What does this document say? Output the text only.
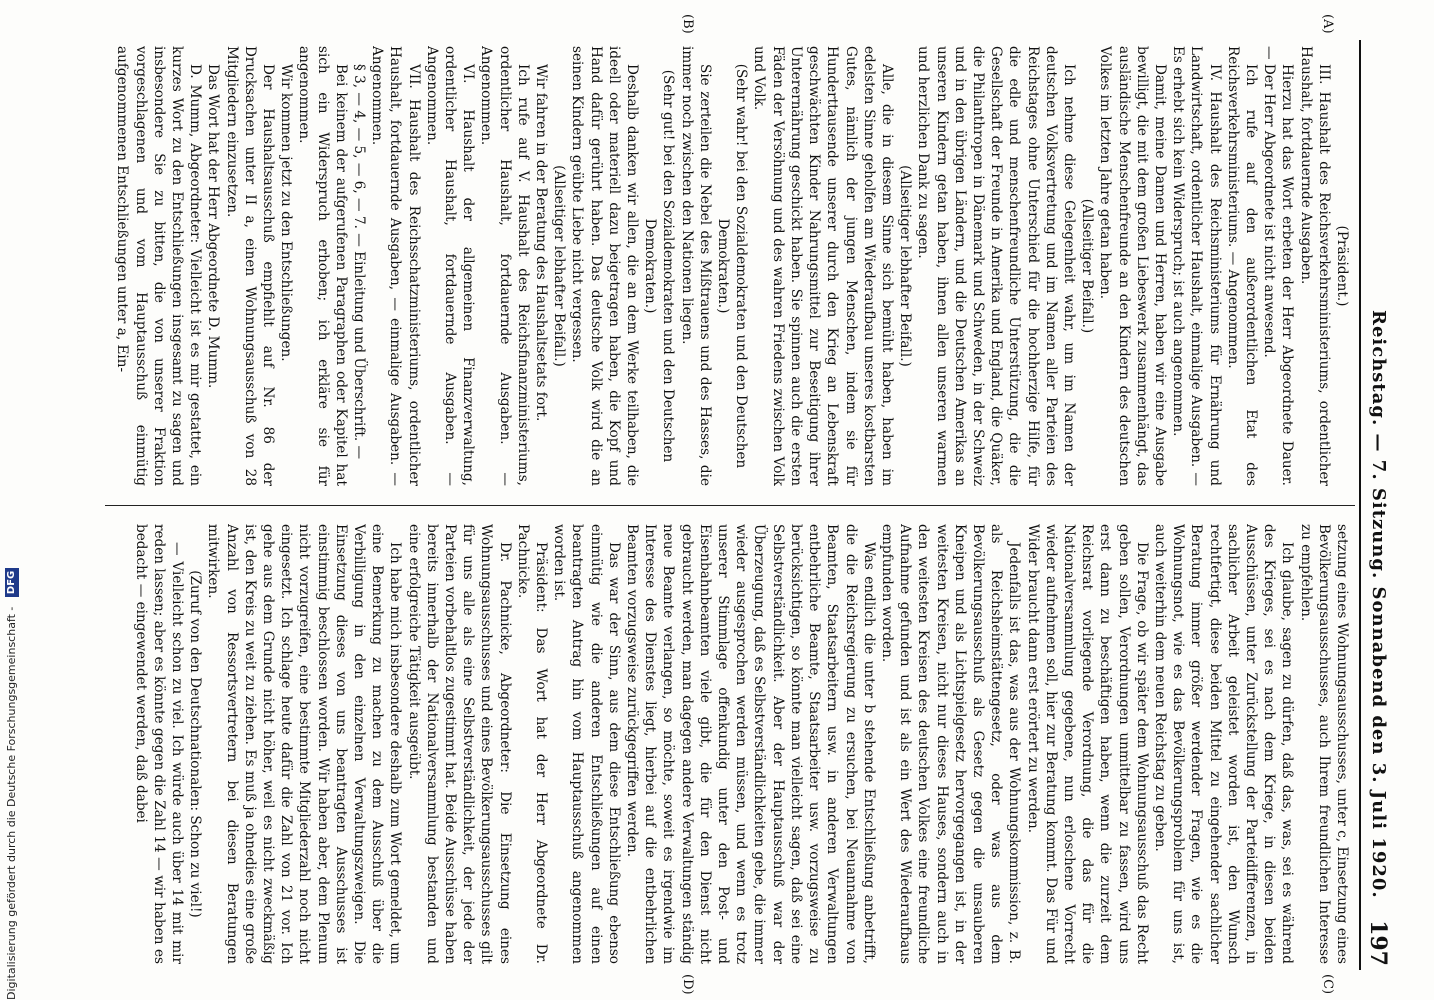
Reichstag. — 7. Sitzung. Sonnabend den 3. Juli 1920.
197
(A)
(B)
(C)
(D)

(Präsident.)

III. Haushalt des Reichsverkehrsministeriums, ordentlicher Haushalt, fortdauernde Ausgaben.

Hierzu hat das Wort erbeten der Herr Abgeordnete Dauer. — Der Herr Abgeordnete ist nicht anwesend.

Ich rufe auf den außerordentlichen Etat des Reichsverkehrsministeriums. — Angenommen.

IV. Haushalt des Reichsministeriums für Ernährung und Landwirtschaft, ordentlicher Haushalt, einmalige Ausgaben. — Es erhebt sich kein Widerspruch; ist auch angenommen.

Damit, meine Damen und Herren, haben wir eine Ausgabe bewilligt, die mit dem großen Liebeswerk zusammenhängt, das ausländische Menschenfreunde an den Kindern des deutschen Volkes im letzten Jahre getan haben.

(Allseitiger Beifall.)

Ich nehme diese Gelegenheit wahr, um im Namen der deutschen Volksvertretung und im Namen aller Parteien des Reichstages ohne Unterschied für die hochherzige Hilfe, für die edle und menschenfreundliche Unterstützung, die die Gesellschaft der Freunde in Amerika und England, die Quäker, die Philanthropen in Dänemark und Schweden, in der Schweiz und in den übrigen Ländern, und die Deutschen Amerikas an unseren Kindern getan haben, ihnen allen unseren warmen und herzlichen Dank zu sagen.

(Allseitiger lebhafter Beifall.)

Alle, die in diesem Sinne sich bemüht haben, haben im edelsten Sinne geholfen am Wiederaufbau unseres kostbarsten Gutes, nämlich der jungen Menschen, indem sie für Hunderttausende unserer durch den Krieg an Lebenskraft geschwächten Kinder Nahrungsmittel zur Beseitigung ihrer Unterernährung geschickt haben. Sie spinnen auch die ersten Fäden der Versöhnung und des wahren Friedens zwischen Volk und Volk.

(Sehr wahr! bei den Sozialdemokraten und den Deutschen Demokraten.)

Sie zerteilen die Nebel des Mißtrauens und des Hasses, die immer noch zwischen den Nationen liegen.

(Sehr gut! bei den Sozialdemokraten und den Deutschen Demokraten.)

Deshalb danken wir allen, die an dem Werke teilhaben, die ideell oder materiell dazu beigetragen haben, die Kopf und Hand dafür gerührt haben. Das deutsche Volk wird die an seinen Kindern geübte Liebe nicht vergessen.

(Allseitiger lebhafter Beifall.)

Wir fahren in der Beratung des Haushaltsetats fort.

Ich rufe auf V. Haushalt des Reichsfinanzministeriums, ordentlicher Haushalt, fortdauernde Ausgaben. — Angenommen.

VI. Haushalt der allgemeinen Finanzverwaltung, ordentlicher Haushalt, fortdauernde Ausgaben. — Angenommen.

VII. Haushalt des Reichsschatzministeriums, ordentlicher Haushalt, fortdauernde Ausgaben, — einmalige Ausgaben. — Angenommen.

§ 3, — 4, — 5, — 6, — 7. — Einleitung und Überschrift. —

Bei keinem der aufgerufenen Paragraphen oder Kapitel hat sich ein Widerspruch erhoben; ich erkläre sie für angenommen.

Wir kommen jetzt zu den Entschließungen.

Der Haushaltsausschuß empfiehlt auf Nr. 86 der Drucksachen unter II a, einen Wohnungsausschuß von 28 Mitgliedern einzusetzen.

Das Wort hat der Herr Abgeordnete D. Mumm.

D. Mumm, Abgeordneter: Vielleicht ist es mir gestattet, ein kurzes Wort zu den Entschließungen insgesamt zu sagen und insbesondere Sie zu bitten, die von unserer Fraktion vorgeschlagenen und vom Hauptausschuß einmütig aufgenommenen Entschließungen unter a, Ein-

setzung eines Wohnungsausschusses, unter c, Einsetzung eines Bevölkerungsausschusses, auch Ihrem freundlichen Interesse zu empfehlen.

Ich glaube, sagen zu dürfen, daß das, was, sei es während des Krieges, sei es nach dem Kriege, in diesen beiden Ausschüssen, unter Zurückstellung der Parteidifferenzen, in sachlicher Arbeit geleistet worden ist, den Wunsch rechtfertigt, diese beiden Mittel zu eingehender sachlicher Beratung immer größer werdender Fragen, wie es die Wohnungsnot, wie es das Bevölkerungsproblem für uns ist, auch weiterhin dem neuen Reichstag zu geben.

Die Frage, ob wir später dem Wohnungsausschuß das Recht geben sollen, Verordnungen unmittelbar zu fassen, wird uns erst dann zu beschäftigen haben, wenn die zurzeit dem Reichsrat vorliegende Verordnung, die das für die Nationalversammlung gegebene, nun erloschene Vorrecht wieder aufnehmen soll, hier zur Beratung kommt. Das Für und Wider braucht dann erst erörtert zu werden.

Jedenfalls ist das, was aus der Wohnungskommission, z. B. als Reichsheimstättengesetz, oder was aus dem Bevölkerungsausschuß als Gesetz gegen die unsauberen Kneipen und als Lichtspielgesetz hervorgegangen ist, in der weitesten Kreisen, nicht nur dieses Hauses, sondern auch in den weitesten Kreisen des deutschen Volkes eine freundliche Aufnahme gefunden und ist als ein Wert des Wiederaufbaus empfunden worden.

Was endlich die unter b stehende Entschließung anbetrifft, die die Reichsregierung zu ersuchen, bei Neuannahme von Beamten, Staatsarbeitern usw. in anderen Verwaltungen entbehrliche Beamte, Staatsarbeiter usw. vorzugsweise zu berücksichtigen, so könnte man vielleicht sagen, daß sei eine Selbstverständlichkeit. Aber der Hauptausschuß war der Überzeugung, daß es Selbstverständlichkeiten gebe, die immer wieder ausgesprochen werden müssen, und wenn es trotz unserer Stimmlage offenkundig unter den Post- und Eisenbahnbeamten viele gibt, die für den Dienst nicht gebraucht werden, man dagegen andere Verwaltungen ständig neue Beamte verlangen, so möchte, soweit es irgendwie im Interesse des Dienstes liegt, hierbei auf die entbehrlichen Beamten vorzugsweise zurückgegriffen werden.

Das war der Sinn, aus dem diese Entschließung ebenso einmütig wie die anderen Entschließungen auf einen beantragten Antrag hin vom Hauptausschuß angenommen worden ist.

Präsident: Das Wort hat der Herr Abgeordnete Dr. Pachnicke.

Dr. Pachnicke, Abgeordneter: Die Einsetzung eines Wohnungsausschusses und eines Bevölkerungsausschusses gilt für uns alle als eine Selbstverständlichkeit, der jede der Parteien vorbehaltlos zugestimmt hat. Beide Ausschüsse haben bereits innerhalb der Nationalversammlung bestanden und eine erfolgreiche Tätigkeit ausgeübt.

Ich habe mich insbesondere deshalb zum Wort gemeldet, um eine Bemerkung zu machen zu dem Ausschuß über die Verbilligung in den einzelnen Verwaltungszweigen. Die Einsetzung dieses von uns beantragten Ausschusses ist einstimmig beschlossen worden. Wir haben aber, dem Plenum nicht vorzugreifen, eine bestimmte Mitgliederzahl noch nicht eingesetzt. Ich schlage heute dafür die Zahl von 21 vor. Ich gehe aus dem Grunde nicht höher, weil es nicht zweckmäßig ist, den Kreis zu weit zu ziehen. Es muß ja ohnedies eine große Anzahl von Ressortsvertretern bei diesen Beratungen mitwirken.

(Zuruf von den Deutschnationalen: Schon zu viel!)

— Vielleicht schon zu viel. Ich würde auch über 14 mit mir reden lassen; aber es könnte gegen die Zahl 14 — wir haben es bedacht — eingewendet werden, daß dabei

Digitalisierung gefördert durch die Deutsche Forschungsgemeinschaft - DFG
